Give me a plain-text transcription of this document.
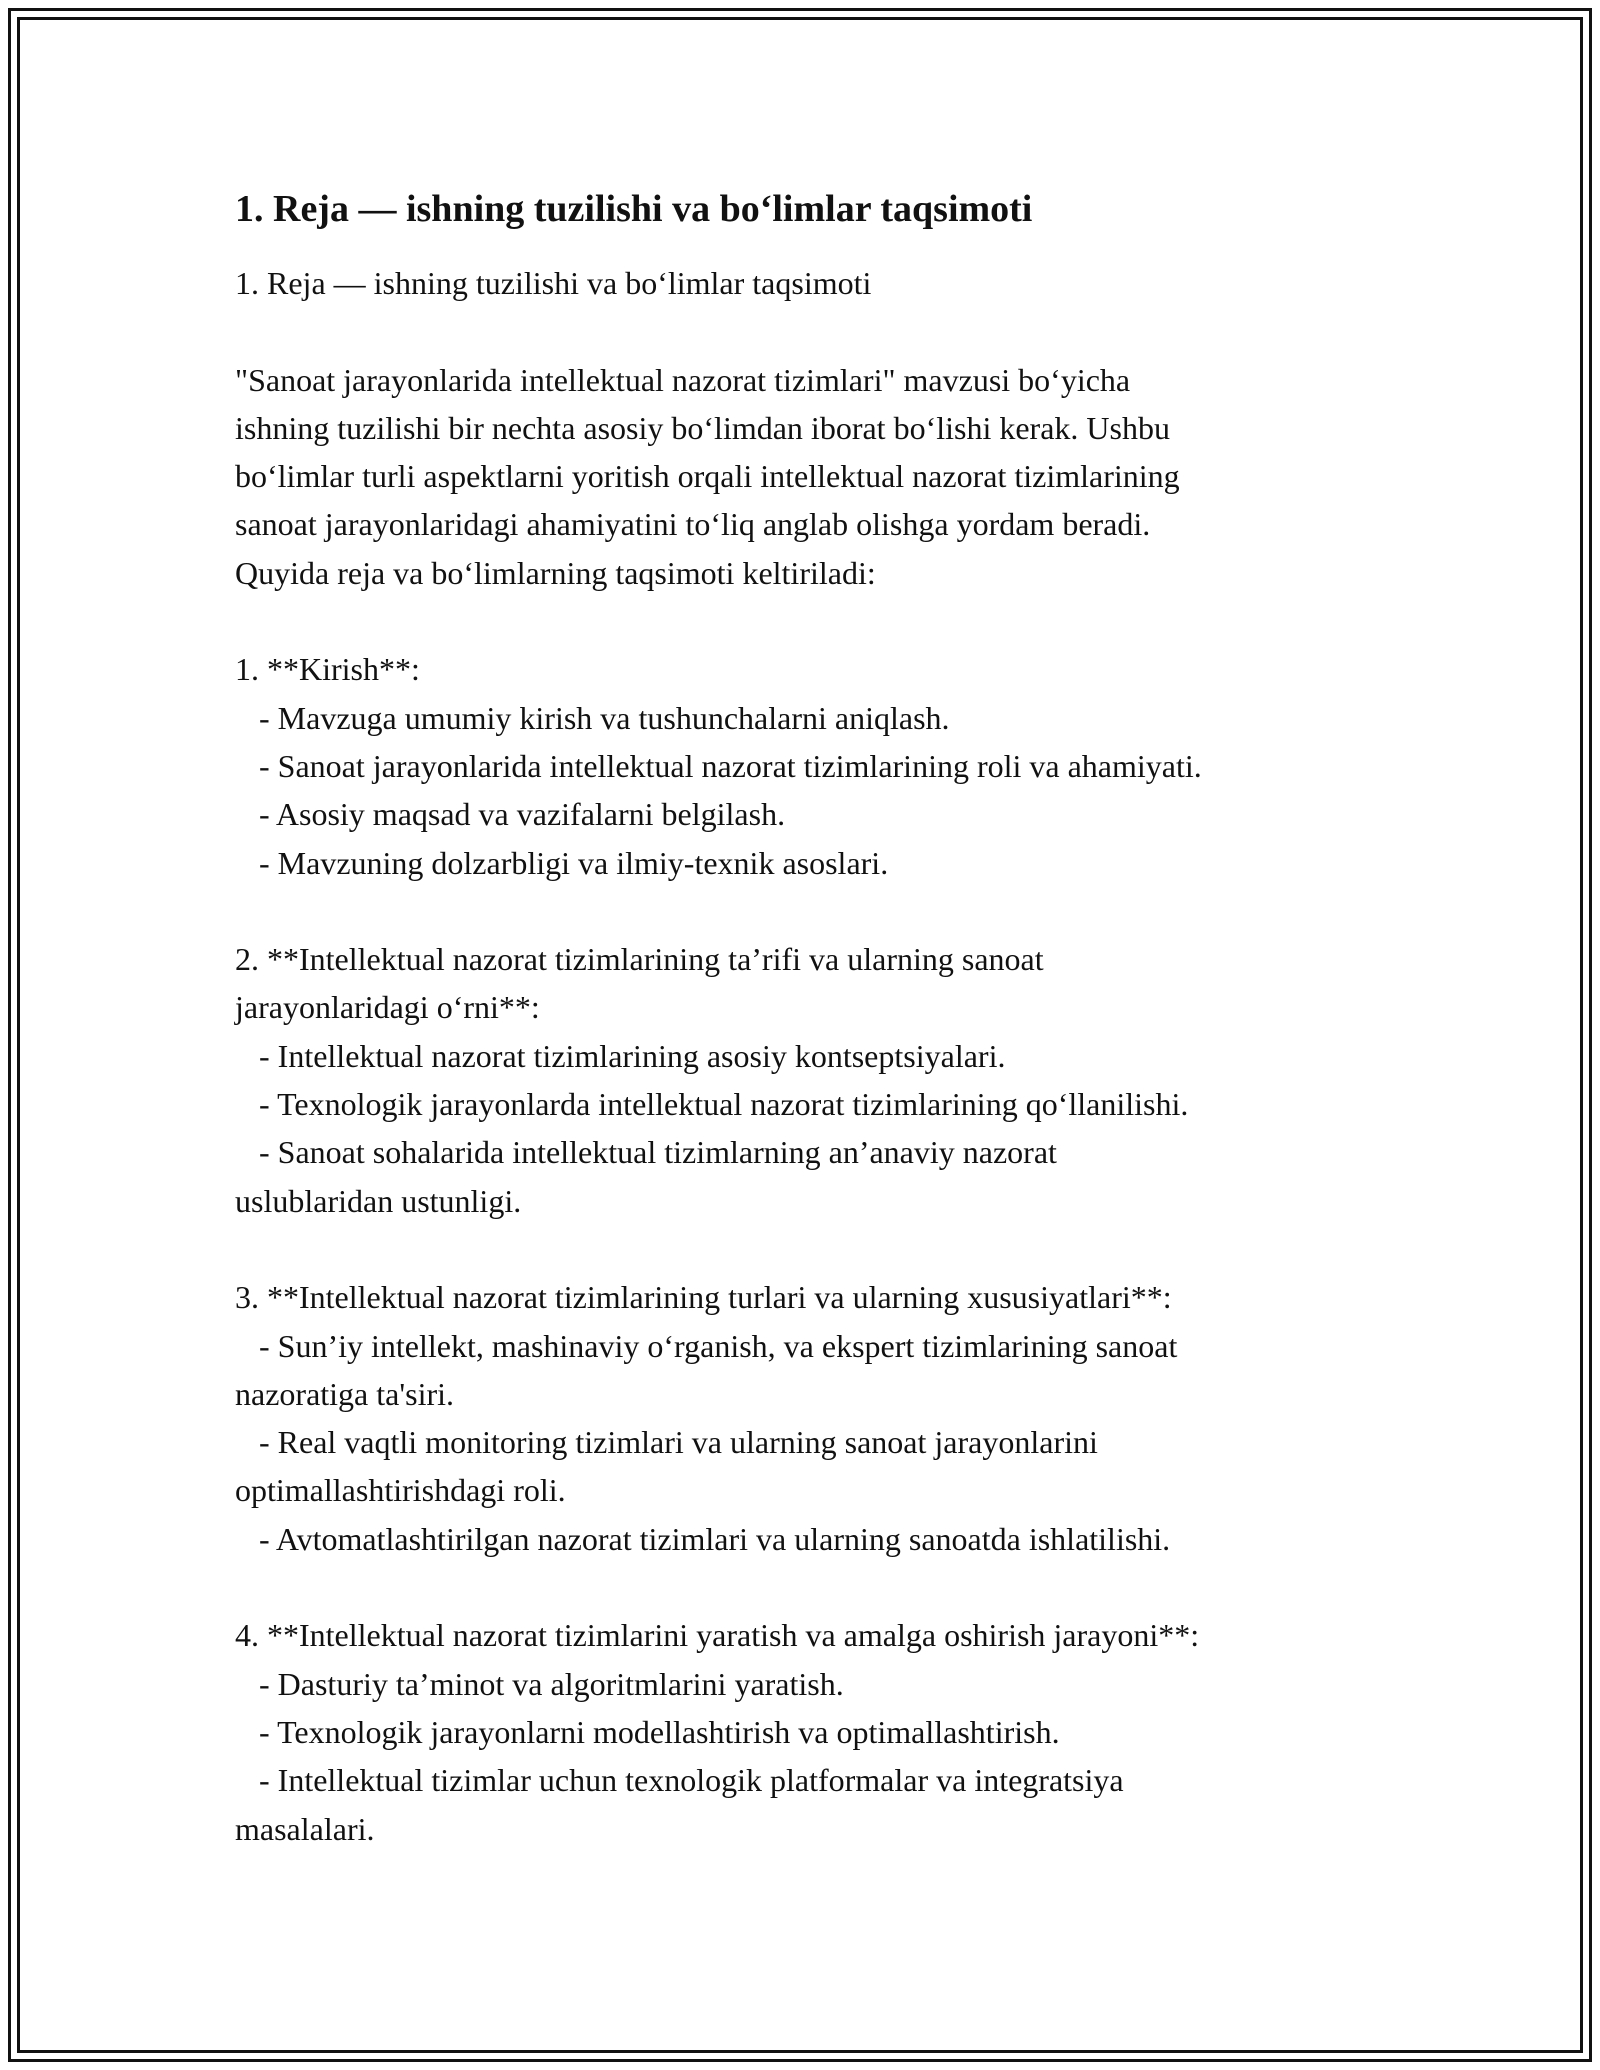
1. Reja — ishning tuzilishi va bo‘limlar taqsimoti
1. Reja — ishning tuzilishi va bo‘limlar taqsimoti
"Sanoat jarayonlarida intellektual nazorat tizimlari" mavzusi bo‘yicha
ishning tuzilishi bir nechta asosiy bo‘limdan iborat bo‘lishi kerak. Ushbu
bo‘limlar turli aspektlarni yoritish orqali intellektual nazorat tizimlarining
sanoat jarayonlaridagi ahamiyatini to‘liq anglab olishga yordam beradi.
Quyida reja va bo‘limlarning taqsimoti keltiriladi:
1. **Kirish**:
- Mavzuga umumiy kirish va tushunchalarni aniqlash.
- Sanoat jarayonlarida intellektual nazorat tizimlarining roli va ahamiyati.
- Asosiy maqsad va vazifalarni belgilash.
- Mavzuning dolzarbligi va ilmiy-texnik asoslari.
2. **Intellektual nazorat tizimlarining ta’rifi va ularning sanoat
jarayonlaridagi o‘rni**:
- Intellektual nazorat tizimlarining asosiy kontseptsiyalari.
- Texnologik jarayonlarda intellektual nazorat tizimlarining qo‘llanilishi.
- Sanoat sohalarida intellektual tizimlarning an’anaviy nazorat
uslublaridan ustunligi.
3. **Intellektual nazorat tizimlarining turlari va ularning xususiyatlari**:
- Sun’iy intellekt, mashinaviy o‘rganish, va ekspert tizimlarining sanoat
nazoratiga ta'siri.
- Real vaqtli monitoring tizimlari va ularning sanoat jarayonlarini
optimallashtirishdagi roli.
- Avtomatlashtirilgan nazorat tizimlari va ularning sanoatda ishlatilishi.
4. **Intellektual nazorat tizimlarini yaratish va amalga oshirish jarayoni**:
- Dasturiy ta’minot va algoritmlarini yaratish.
- Texnologik jarayonlarni modellashtirish va optimallashtirish.
- Intellektual tizimlar uchun texnologik platformalar va integratsiya
masalalari.
